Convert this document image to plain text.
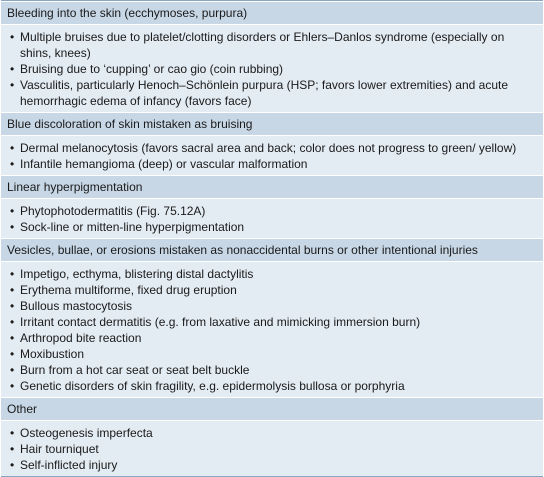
Bleeding into the skin (ecchymoses, purpura)
• Multiple bruises due to platelet/clotting disorders or Ehlers–Danlos syndrome (especially on shins, knees)
• Bruising due to ‘cupping’ or cao gio (coin rubbing)
• Vasculitis, particularly Henoch–Schönlein purpura (HSP; favors lower extremities) and acute hemorrhagic edema of infancy (favors face)
Blue discoloration of skin mistaken as bruising
• Dermal melanocytosis (favors sacral area and back; color does not progress to green/ yellow)
• Infantile hemangioma (deep) or vascular malformation
Linear hyperpigmentation
• Phytophotodermatitis (Fig. 75.12A)
• Sock-line or mitten-line hyperpigmentation
Vesicles, bullae, or erosions mistaken as nonaccidental burns or other intentional injuries
• Impetigo, ecthyma, blistering distal dactylitis
• Erythema multiforme, fixed drug eruption
• Bullous mastocytosis
• Irritant contact dermatitis (e.g. from laxative and mimicking immersion burn)
• Arthropod bite reaction
• Moxibustion
• Burn from a hot car seat or seat belt buckle
• Genetic disorders of skin fragility, e.g. epidermolysis bullosa or porphyria
Other
• Osteogenesis imperfecta
• Hair tourniquet
• Self-inflicted injury
